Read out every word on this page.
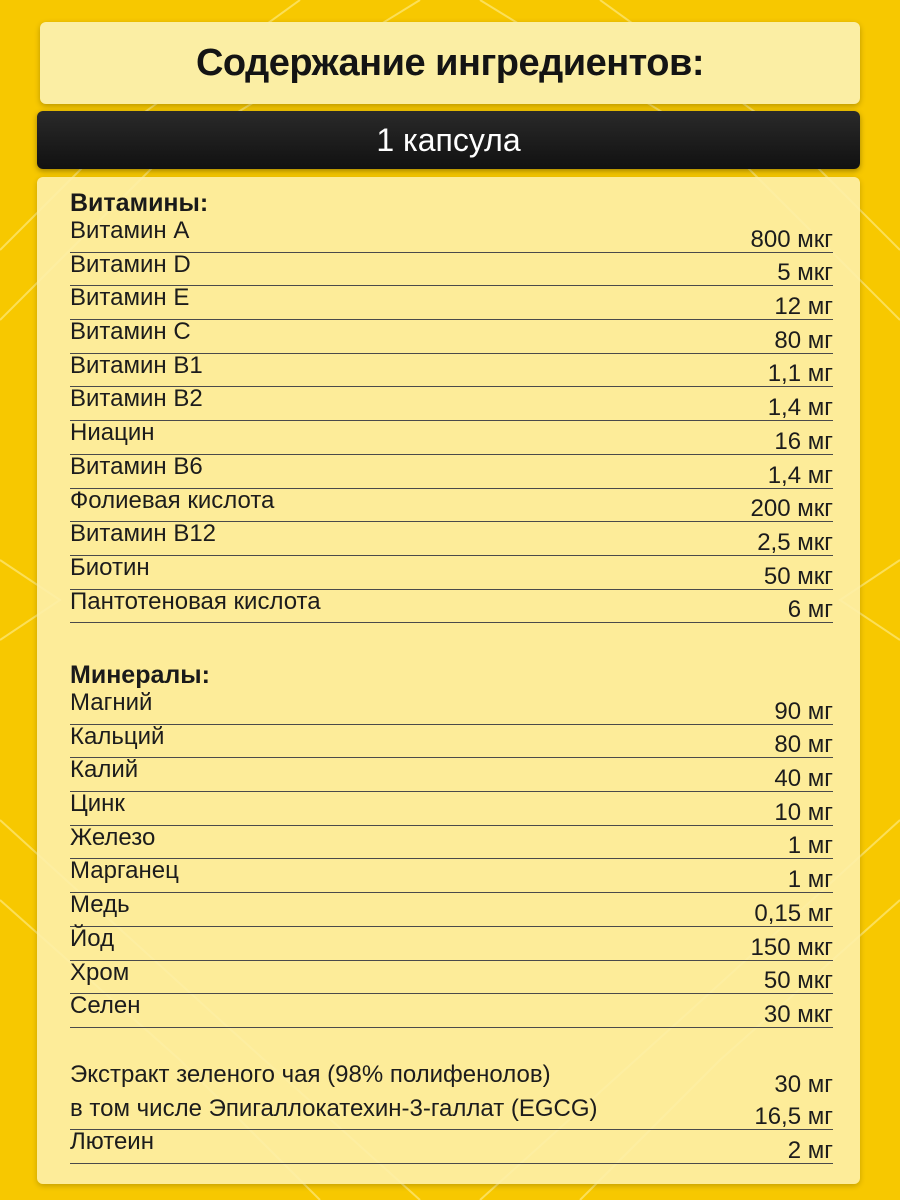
Содержание ингредиентов:
1 капсула
Витамины:
Витамин A	800 мкг
Витамин D	5 мкг
Витамин E	12 мг
Витамин C	80 мг
Витамин B1	1,1 мг
Витамин B2	1,4 мг
Ниацин	16 мг
Витамин B6	1,4 мг
Фолиевая кислота	200 мкг
Витамин B12	2,5 мкг
Биотин	50 мкг
Пантотеновая кислота	6 мг
Минералы:
Магний	90 мг
Кальций	80 мг
Калий	40 мг
Цинк	10 мг
Железо	1 мг
Марганец	1 мг
Медь	0,15 мг
Йод	150 мкг
Хром	50 мкг
Селен	30 мкг
Экстракт зеленого чая (98% полифенолов)	30 мг
в том числе Эпигаллокатехин-3-галлат (EGCG)	16,5 мг
Лютеин	2 мг
